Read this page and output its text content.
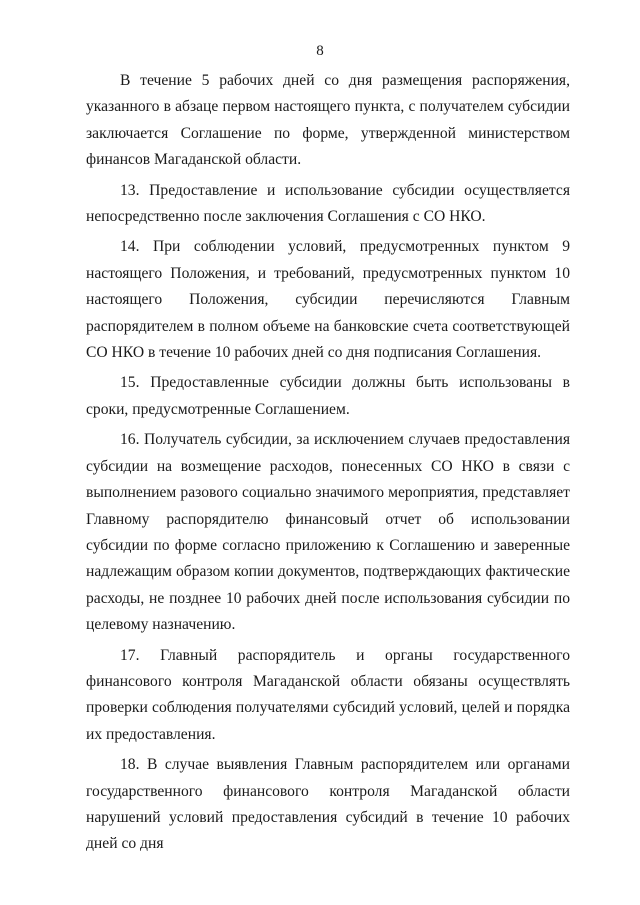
8

В течение 5 рабочих дней со дня размещения распоряжения, указанного в абзаце первом настоящего пункта, с получателем субсидии заключается Соглашение по форме, утвержденной министерством финансов Магаданской области.

13. Предоставление и использование субсидии осуществляется непосредственно после заключения Соглашения с СО НКО.

14. При соблюдении условий, предусмотренных пунктом 9 настоящего Положения, и требований, предусмотренных пунктом 10 настоящего Положения, субсидии перечисляются Главным распорядителем в полном объеме на банковские счета соответствующей СО НКО в течение 10 рабочих дней со дня подписания Соглашения.

15. Предоставленные субсидии должны быть использованы в сроки, предусмотренные Соглашением.

16. Получатель субсидии, за исключением случаев предоставления субсидии на возмещение расходов, понесенных СО НКО в связи с выполнением разового социально значимого мероприятия, представляет Главному распорядителю финансовый отчет об использовании субсидии по форме согласно приложению к Соглашению и заверенные надлежащим образом копии документов, подтверждающих фактические расходы, не позднее 10 рабочих дней после использования субсидии по целевому назначению.

17. Главный распорядитель и органы государственного финансового контроля Магаданской области обязаны осуществлять проверки соблюдения получателями субсидий условий, целей и порядка их предоставления.

18. В случае выявления Главным распорядителем или органами государственного финансового контроля Магаданской области нарушений условий предоставления субсидий в течение 10 рабочих дней со дня
